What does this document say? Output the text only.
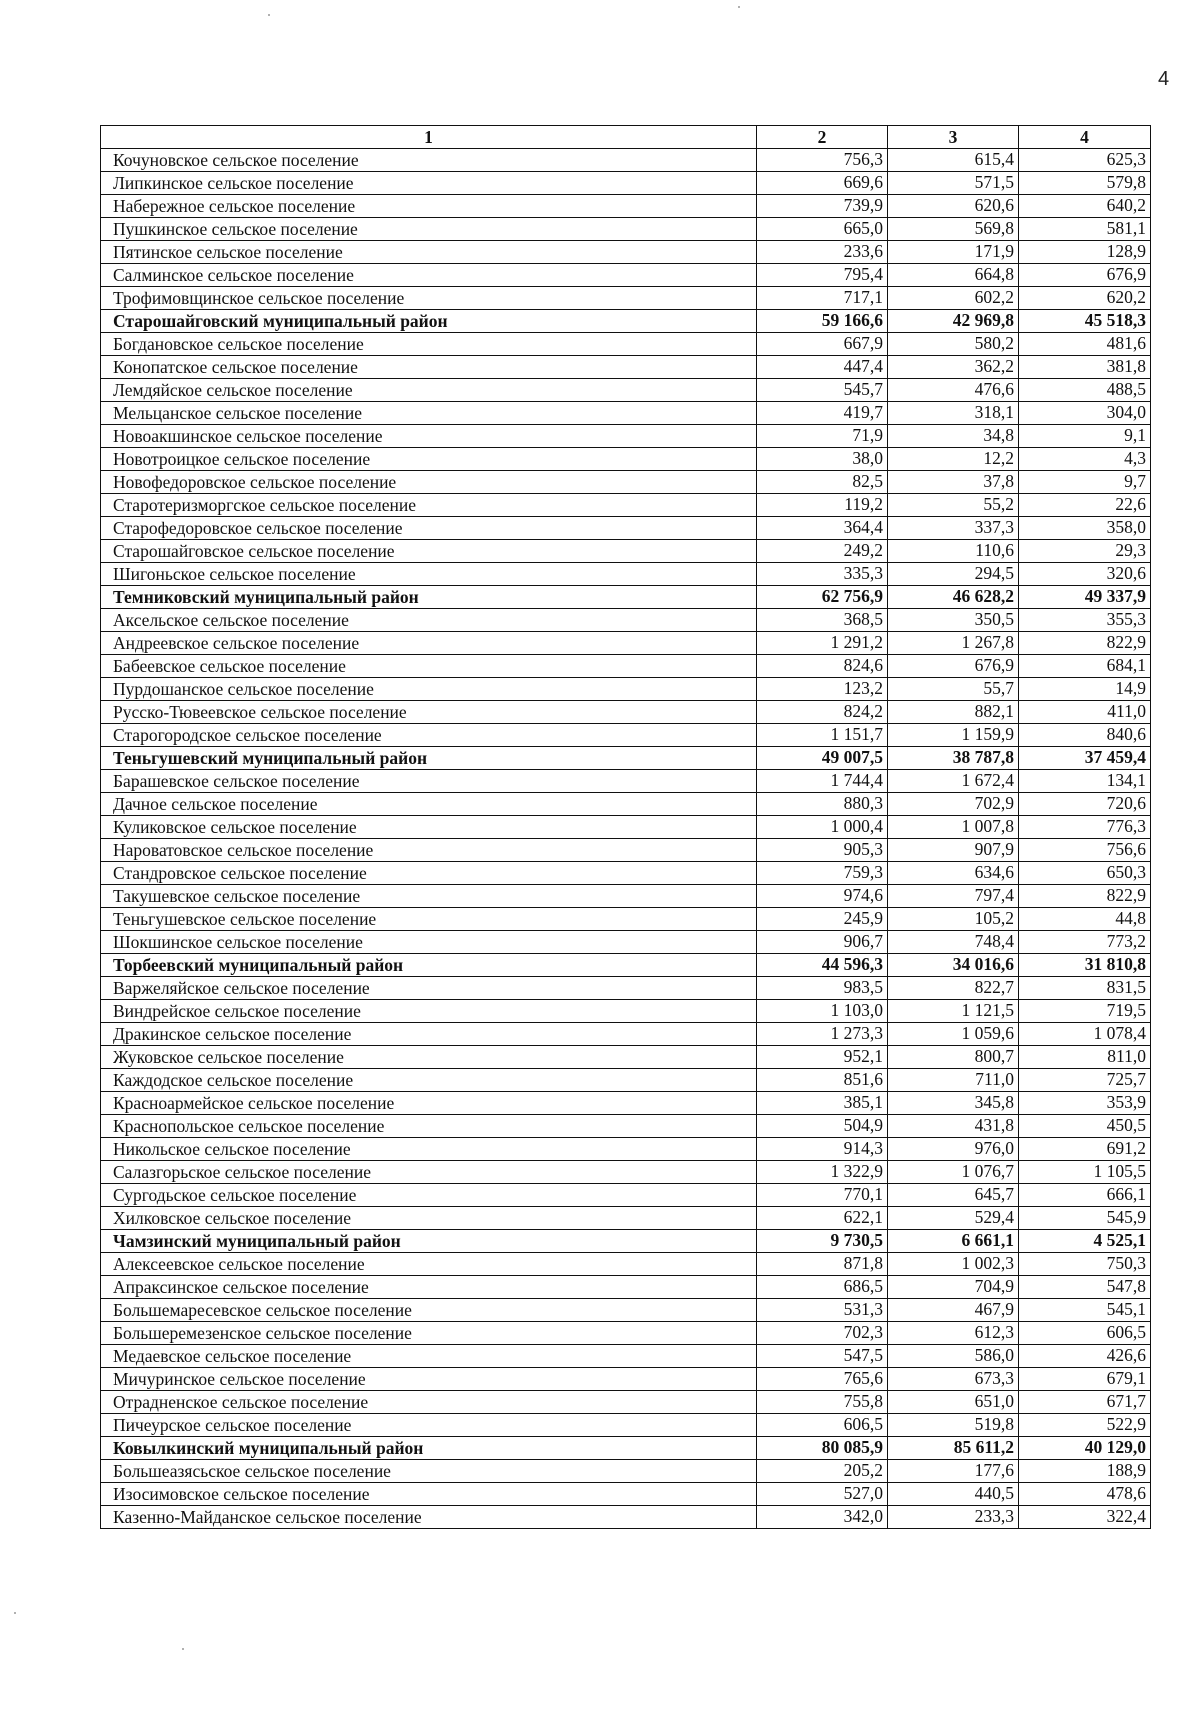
4
1	2	3	4
Кочуновское сельское поселение	756,3	615,4	625,3
Липкинское сельское поселение	669,6	571,5	579,8
Набережное сельское поселение	739,9	620,6	640,2
Пушкинское сельское поселение	665,0	569,8	581,1
Пятинское сельское поселение	233,6	171,9	128,9
Салминское сельское поселение	795,4	664,8	676,9
Трофимовщинское сельское поселение	717,1	602,2	620,2
Старошайговский муниципальный район	59 166,6	42 969,8	45 518,3
Богдановское сельское поселение	667,9	580,2	481,6
Конопатское сельское поселение	447,4	362,2	381,8
Лемдяйское сельское поселение	545,7	476,6	488,5
Мельцанское сельское поселение	419,7	318,1	304,0
Новоакшинское сельское поселение	71,9	34,8	9,1
Новотроицкое сельское поселение	38,0	12,2	4,3
Новофедоровское сельское поселение	82,5	37,8	9,7
Старотеризморгское сельское поселение	119,2	55,2	22,6
Старофедоровское сельское поселение	364,4	337,3	358,0
Старошайговское сельское поселение	249,2	110,6	29,3
Шигоньское сельское поселение	335,3	294,5	320,6
Темниковский муниципальный район	62 756,9	46 628,2	49 337,9
Аксельское сельское поселение	368,5	350,5	355,3
Андреевское сельское поселение	1 291,2	1 267,8	822,9
Бабеевское сельское поселение	824,6	676,9	684,1
Пурдошанское сельское поселение	123,2	55,7	14,9
Русско-Тювеевское сельское поселение	824,2	882,1	411,0
Старогородское сельское поселение	1 151,7	1 159,9	840,6
Теньгушевский муниципальный район	49 007,5	38 787,8	37 459,4
Барашевское сельское поселение	1 744,4	1 672,4	134,1
Дачное сельское поселение	880,3	702,9	720,6
Куликовское сельское поселение	1 000,4	1 007,8	776,3
Нароватовское сельское поселение	905,3	907,9	756,6
Стандровское сельское поселение	759,3	634,6	650,3
Такушевское сельское поселение	974,6	797,4	822,9
Теньгушевское сельское поселение	245,9	105,2	44,8
Шокшинское сельское поселение	906,7	748,4	773,2
Торбеевский муниципальный район	44 596,3	34 016,6	31 810,8
Варжеляйское сельское поселение	983,5	822,7	831,5
Виндрейское сельское поселение	1 103,0	1 121,5	719,5
Дракинское сельское поселение	1 273,3	1 059,6	1 078,4
Жуковское сельское поселение	952,1	800,7	811,0
Каждодское сельское поселение	851,6	711,0	725,7
Красноармейское сельское поселение	385,1	345,8	353,9
Краснопольское сельское поселение	504,9	431,8	450,5
Никольское сельское поселение	914,3	976,0	691,2
Салазгорьское сельское поселение	1 322,9	1 076,7	1 105,5
Сургодьское сельское поселение	770,1	645,7	666,1
Хилковское сельское поселение	622,1	529,4	545,9
Чамзинский муниципальный район	9 730,5	6 661,1	4 525,1
Алексеевское сельское поселение	871,8	1 002,3	750,3
Апраксинское сельское поселение	686,5	704,9	547,8
Большемаресевское сельское поселение	531,3	467,9	545,1
Большеремезенское сельское поселение	702,3	612,3	606,5
Медаевское сельское поселение	547,5	586,0	426,6
Мичуринское сельское поселение	765,6	673,3	679,1
Отрадненское сельское поселение	755,8	651,0	671,7
Пичеурское сельское поселение	606,5	519,8	522,9
Ковылкинский муниципальный район	80 085,9	85 611,2	40 129,0
Большеазясьское сельское поселение	205,2	177,6	188,9
Изосимовское сельское поселение	527,0	440,5	478,6
Казенно-Майданское сельское поселение	342,0	233,3	322,4
